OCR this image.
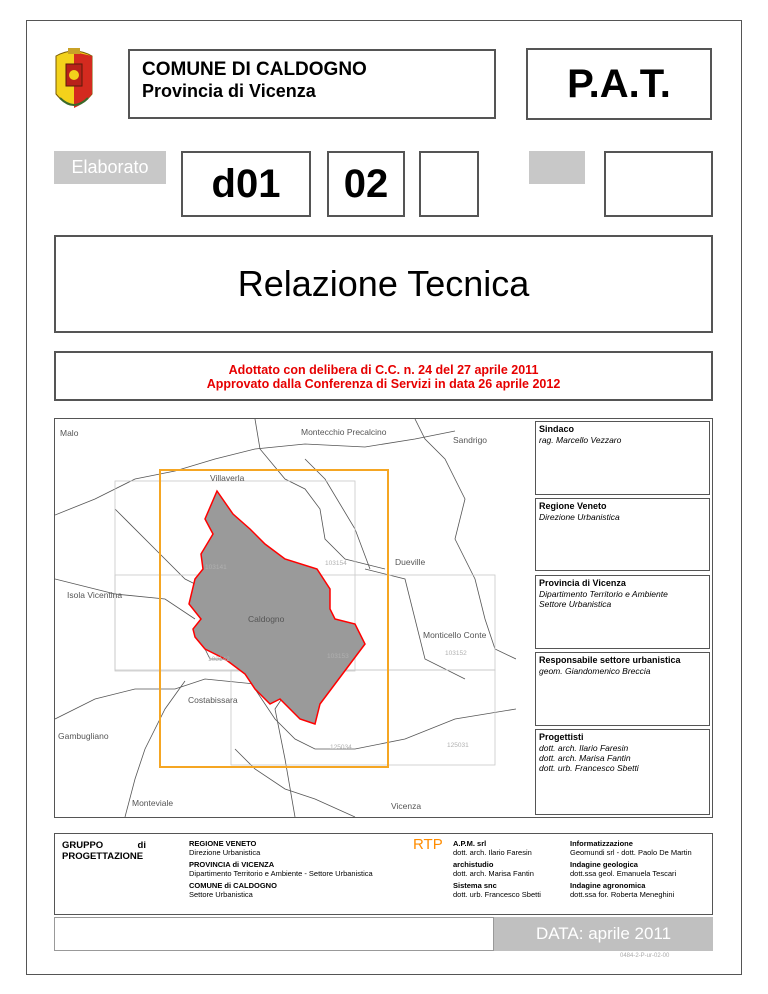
COMUNE DI CALDOGNO
Provincia di Vicenza	P.A.T.
Elaborato	d01	02
Relazione Tecnica
Adottato con delibera di C.C. n. 24 del 27 aprile 2011
Approvato dalla Conferenza di Servizi in data 26 aprile 2012
Malo	Montecchio Precalcino
Sandrigo
Villaverla
Dueville
Isola Vicentina
Caldogno
Monticello Conte
Costabissara
Gambugliano
Monteviale	Vicenza
103141
103154
103142	103153	103152
125031
125034
Sindaco
rag. Marcello Vezzaro
Regione Veneto
Direzione Urbanistica
Provincia di Vicenza
Dipartimento Territorio e Ambiente
Settore Urbanistica
Responsabile settore urbanistica
geom. Giandomenico Breccia
Progettisti
dott. arch. Ilario Faresin
dott. arch. Marisa Fantin
dott. urb. Francesco Sbetti
GRUPPO	di
PROGETTAZIONE
REGIONE VENETO
Direzione Urbanistica
PROVINCIA di VICENZA
Dipartimento Territorio e Ambiente - Settore Urbanistica
COMUNE di CALDOGNO
Settore Urbanistica
RTP A.P.M. srl
dott. arch. Ilario Faresin
archistudio
dott. arch. Marisa Fantin
Sistema snc
dott. urb. Francesco Sbetti
Informatizzazione
Geomundi srl - dott. Paolo De Martin
Indagine geologica
dott.ssa geol. Emanuela Tescari
Indagine agronomica
dott.ssa for. Roberta Meneghini
DATA: aprile 2011
0484-2-P-ur-02-00
